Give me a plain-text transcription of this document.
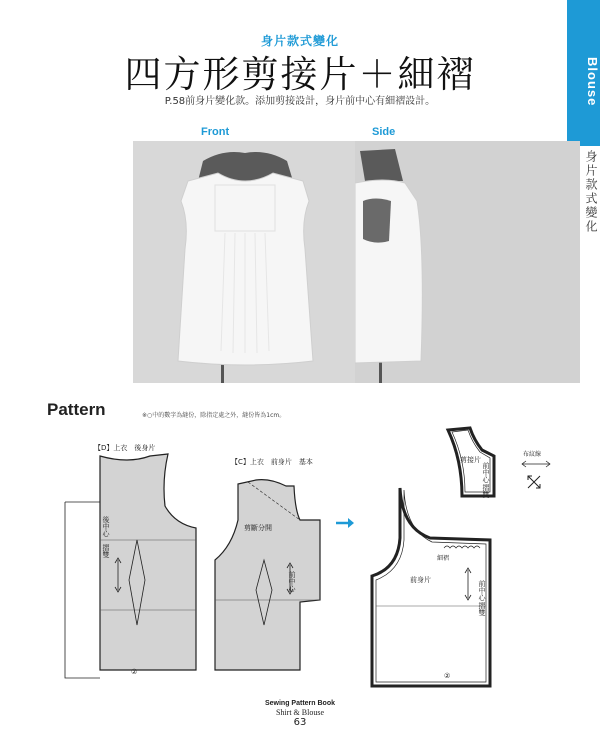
身片款式變化
四方形剪接片＋細褶
P.58前身片變化款。添加剪接設計，身片前中心有細褶設計。	Blouse
身片款式變化
Front	Side
Pattern	※○中的數字為縫份，除指定處之外，縫份皆為1cm。
【D】上衣　後身片
後中心
摺雙
②
【C】上衣　前身片　基本
剪斷分開
前中心
剪接片
前中心
摺雙
布紋線
細褶
前身片	前中心
摺雙
②
Sewing Pattern Book
Shirt & Blouse
63
